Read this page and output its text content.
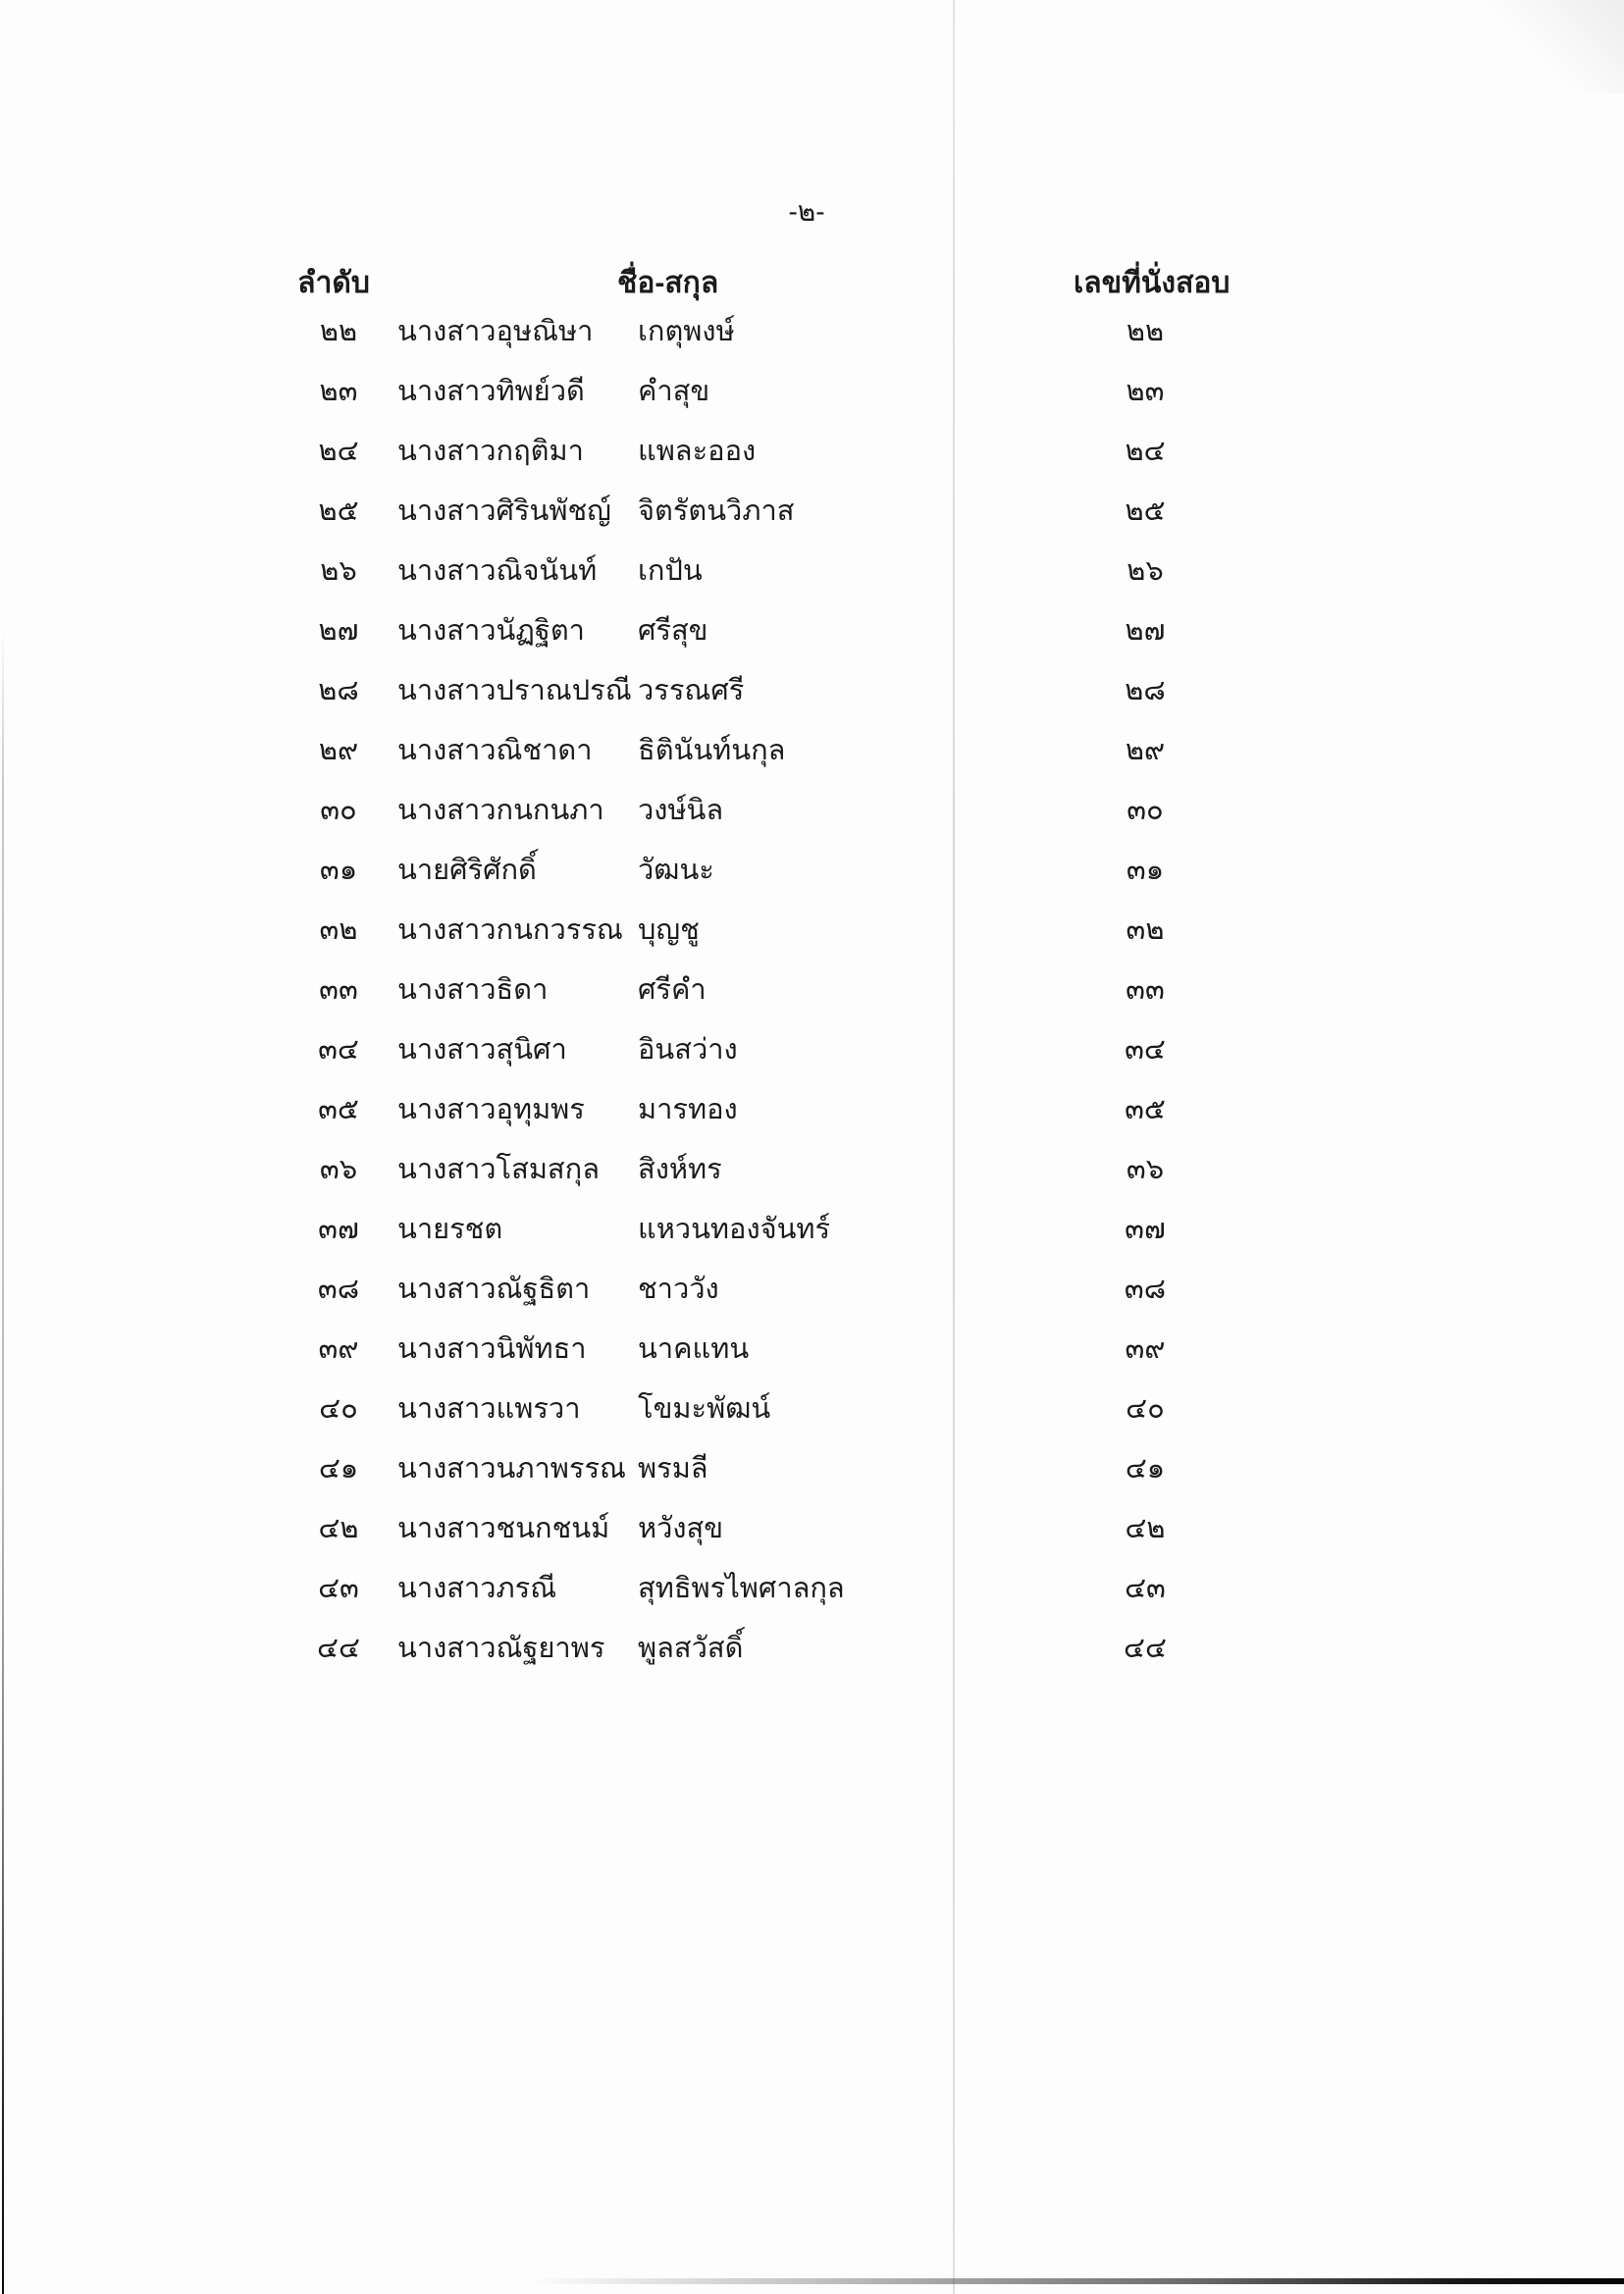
-๒-
ลำดับ	ชื่อ-สกุล	เลขที่นั่งสอบ
๒๒	นางสาวอุษณิษา	เกตุพงษ์	๒๒
๒๓	นางสาวทิพย์วดี	คำสุข	๒๓
๒๔	นางสาวกฤติมา	แพละออง	๒๔
๒๕	นางสาวศิรินพัชญ์ จิตรัตนวิภาส	๒๕
๒๖	นางสาวณิจนันท์	เกปัน	๒๖
๒๗	นางสาวนัฏฐิตา	ศรีสุข	๒๗
๒๘	นางสาวปราณปรณี วรรณศรี	๒๘
๒๙	นางสาวณิชาดา	ธิตินันท์นกุล	๒๙
๓๐	นางสาวกนกนภา	วงษ์นิล	๓๐
๓๑	นายศิริศักดิ์	วัฒนะ	๓๑
๓๒	นางสาวกนกวรรณ บุญชู	๓๒
๓๓	นางสาวธิดา	ศรีคำ	๓๓
๓๔	นางสาวสุนิศา	อินสว่าง	๓๔
๓๕	นางสาวอุทุมพร	มารทอง	๓๕
๓๖	นางสาวโสมสกุล	สิงห์ทร	๓๖
๓๗	นายรชต	แหวนทองจันทร์	๓๗
๓๘	นางสาวณัฐธิตา	ชาววัง	๓๘
๓๙	นางสาวนิพัทธา	นาคแทน	๓๙
๔๐	นางสาวแพรวา	โขมะพัฒน์	๔๐
๔๑	นางสาวนภาพรรณ พรมลี	๔๑
๔๒	นางสาวชนกชนม์ หวังสุข	๔๒
๔๓	นางสาวภรณี	สุทธิพรไพศาลกุล	๔๓
๔๔	นางสาวณัฐยาพร	พูลสวัสดิ์	๔๔
